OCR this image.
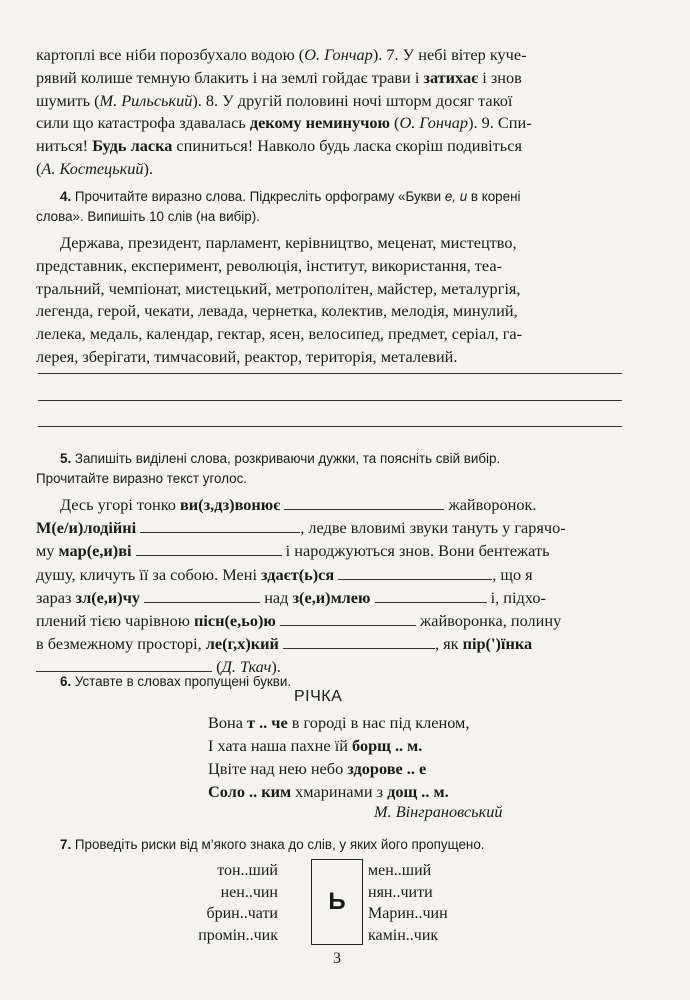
картоплі все ніби порозбухало водою (О. Гончар). 7. У небі вітер куче-
рявий колише темную блакить і на землі гойдає трави і затихає і знов
шумить (М. Рильський). 8. У другій половині ночі шторм досяг такої
сили що катастрофа здавалась декому неминучою (О. Гончар). 9. Спи-
ниться! Будь ласка спиниться! Навколо будь ласка скоріш подивіться
(А. Костецький).
4. Прочитайте виразно слова. Підкресліть орфограму «Букви е, и в корені
слова». Випишіть 10 слів (на вибір).
Держава, президент, парламент, керівництво, меценат, мистецтво,
представник, експеримент, революція, інститут, використання, теа-
тральний, чемпіонат, мистецький, метрополітен, майстер, металургія,
легенда, герой, чекати, левада, чернетка, колектив, мелодія, минулий,
лелека, медаль, календар, гектар, ясен, велосипед, предмет, серіал, га-
лерея, зберігати, тимчасовий, реактор, територія, металевий.
5. Запишіть виділені слова, розкриваючи дужки, та поясніть свій вибір.
Прочитайте виразно текст уголос.
Десь угорі тонко ви(з,дз)вонює	жайворонок.
М(е/и)лодійні	, ледве вловимі звуки тануть у гарячо-
му мар(е,и)ві	і народжуються знов. Вони бентежать
душу, кличуть її за собою. Мені здаєт(ь)ся	, що я
зараз зл(е,и)чу	над з(е,и)млею	і, підхо-
плений тією чарівною пісн(е,ьо)ю	жайворонка, полину
в безмежному просторі, ле(г,х)кий	, як пір(')їнка
(Д. Ткач).
6. Уставте в словах пропущені букви.
РІЧКА
Вона т .. че в городі в нас під кленом,
І хата наша пахне їй борщ .. м.
Цвіте над нею небо здорове .. е
Соло .. ким хмаринами з дощ .. м.
М. Вінграновський
7. Проведіть риски від м’якого знака до слів, у яких його пропущено.
тон..ший
нен..чин
брин..чати
промін..чик
Ь
мен..ший
нян..чити
Марин..чин
камін..чик
3
